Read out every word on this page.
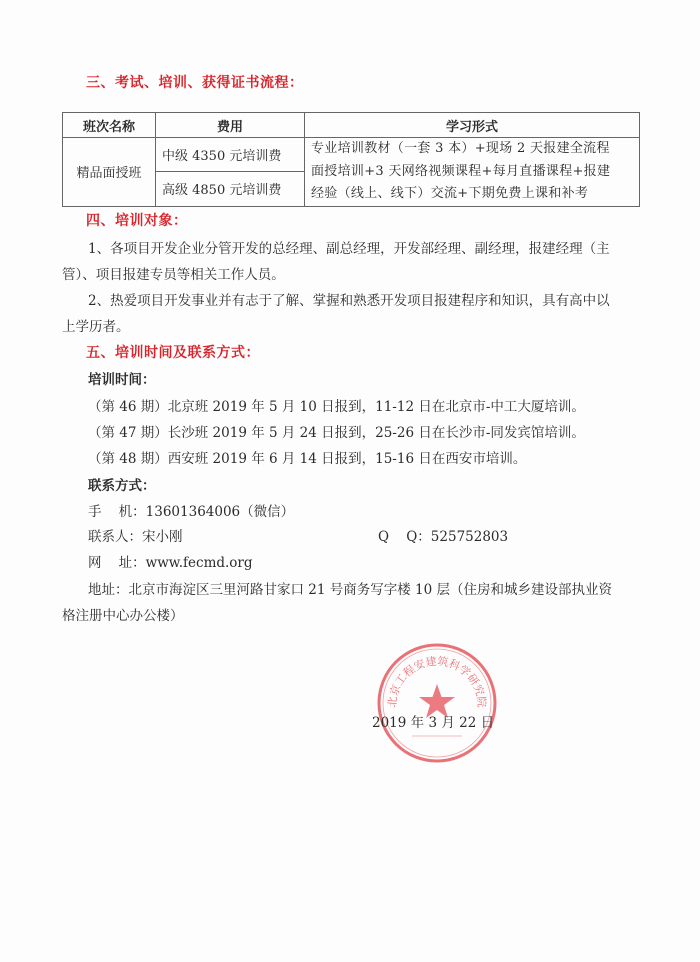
三、考试、培训、获得证书流程：
班次名称	费用	学习形式
精品面授班	中级 4350 元培训费	专业培训教材（一套 3 本）+现场 2 天报建全流程
面授培训+3 天网络视频课程+每月直播课程+报建
经验（线上、线下）交流+下期免费上课和补考

	高级 4850 元培训费	
四、培训对象：
1、各项目开发企业分管开发的总经理、副总经理，开发部经理、副经理，报建经理（主
管）、项目报建专员等相关工作人员。
2、热爱项目开发事业并有志于了解、掌握和熟悉开发项目报建程序和知识，具有高中以
上学历者。
五、培训时间及联系方式：
培训时间：
（第 46 期）北京班 2019 年 5 月 10 日报到，11-12 日在北京市-中工大厦培训。
（第 47 期）长沙班 2019 年 5 月 24 日报到，25-26 日在长沙市-同发宾馆培训。
（第 48 期）西安班 2019 年 6 月 14 日报到，15-16 日在西安市培训。
联系方式：
手    机：13601364006（微信）
联系人：宋小刚	Q    Q：525752803
网    址：www.fecmd.org
地址：北京市海淀区三里河路甘家口 21 号商务写字楼 10 层（住房和城乡建设部执业资
格注册中心办公楼）
北京工程安建筑科学研究院
2019 年 3 月 22 日
